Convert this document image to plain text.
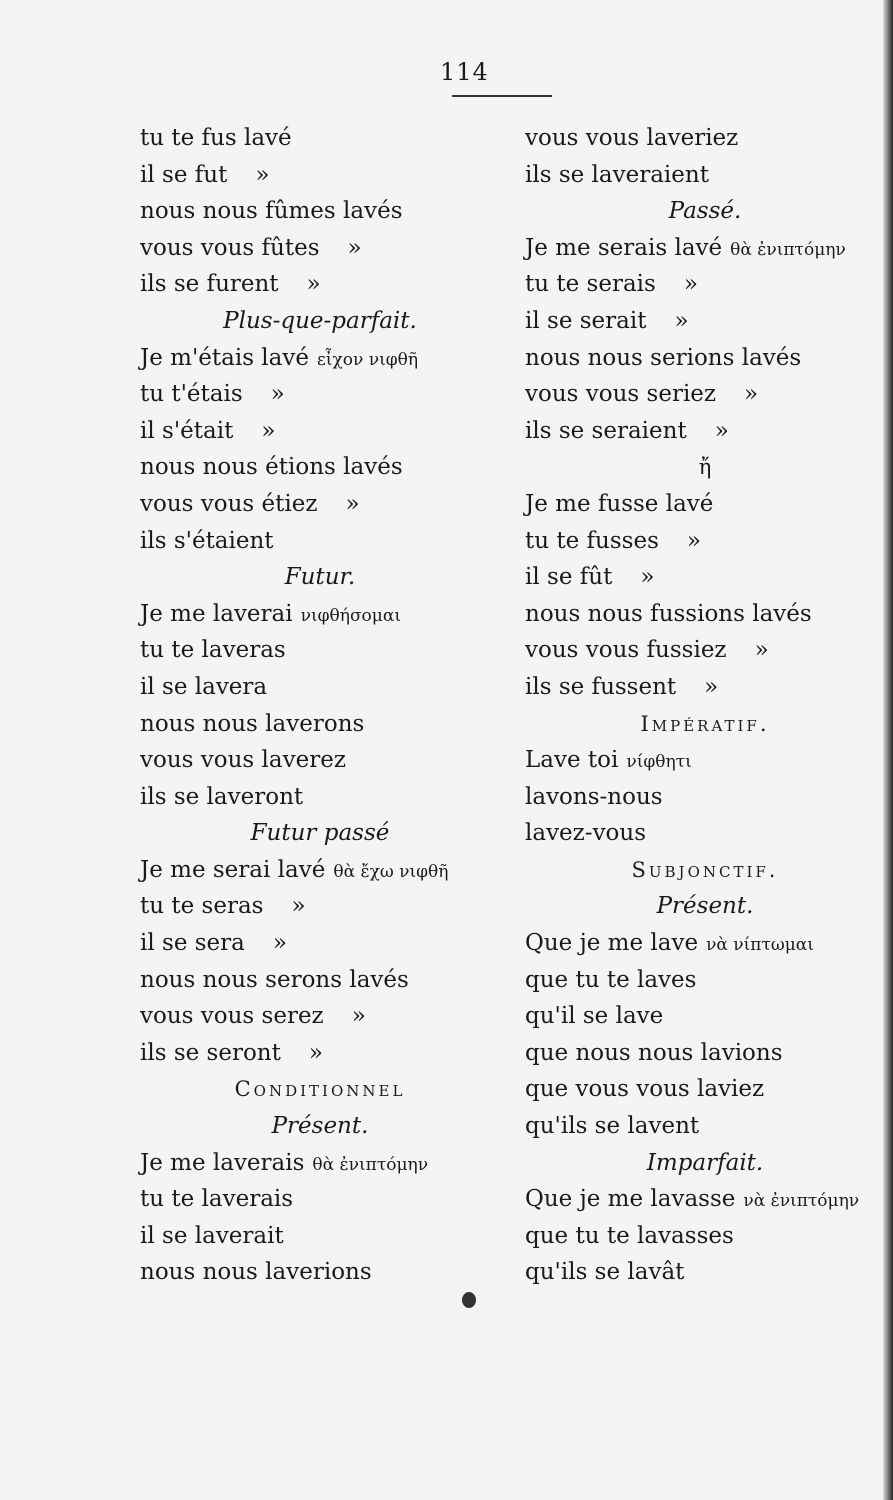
114
tu te fus lavé
il se fut »
nous nous fûmes lavés
vous vous fûtes »
ils se furent »
Plus-que-parfait.
Je m'étais lavé εἶχον νιφθῆ
tu t'étais »
il s'était »
nous nous étions lavés
vous vous étiez »
ils s'étaient
Futur.
Je me laverai νιφθήσομαι
tu te laveras
il se lavera
nous nous laverons
vous vous laverez
ils se laveront
Futur passé
Je me serai lavé θὰ ἔχω νιφθῆ
tu te seras »
il se sera »
nous nous serons lavés
vous vous serez »
ils se seront »
Conditionnel
Présent.
Je me laverais θὰ ἐνιπτόμην
tu te laverais
il se laverait
nous nous laverions
vous vous laveriez
ils se laveraient
Passé.
Je me serais lavé θὰ ἐνιπτόμην
tu te serais »
il se serait »
nous nous serions lavés
vous vous seriez »
ils se seraient »
ἤ
Je me fusse lavé
tu te fusses »
il se fût »
nous nous fussions lavés
vous vous fussiez »
ils se fussent »
Impératif.
Lave toi νίφθητι
lavons-nous
lavez-vous
Subjonctif.
Présent.
Que je me lave νὰ νίπτωμαι
que tu te laves
qu'il se lave
que nous nous lavions
que vous vous laviez
qu'ils se lavent
Imparfait.
Que je me lavasse νὰ ἐνιπτόμην
que tu te lavasses
qu'ils se lavât
